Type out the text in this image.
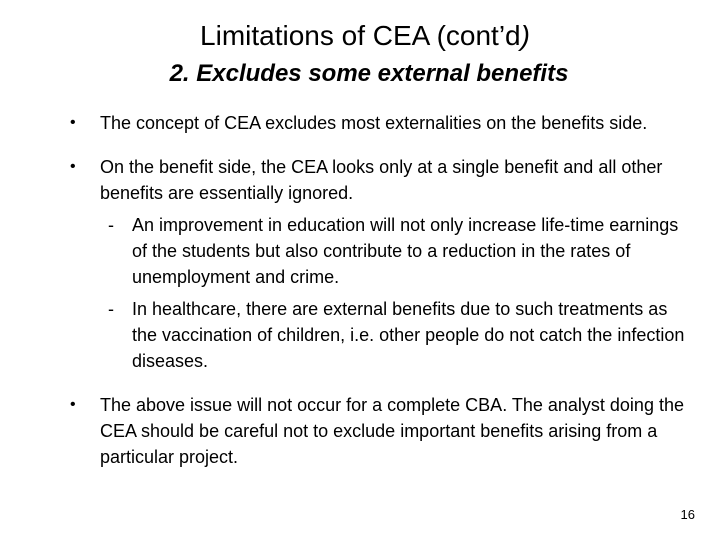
Limitations of CEA (cont’d)
2. Excludes some external benefits
• The concept of CEA excludes most externalities on the benefits side.
• On the benefit side, the CEA looks only at a single benefit and all other benefits are essentially ignored.
- An improvement in education will not only increase life-time earnings of the students but also contribute to a reduction in the rates of unemployment and crime.
- In healthcare, there are external benefits due to such treatments as the vaccination of children, i.e. other people do not catch the infection diseases.
• The above issue will not occur for a complete CBA. The analyst doing the CEA should be careful not to exclude important benefits arising from a particular project.
16
